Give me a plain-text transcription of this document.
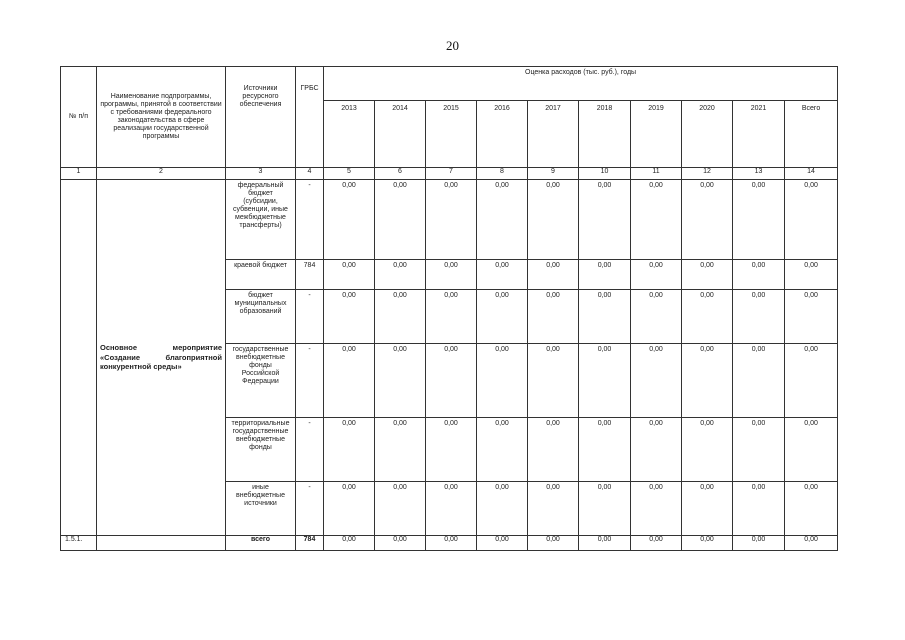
20
№ п/п	Наименование подпрограммы, программы, принятой в соответствии с требованиями федерального законодательства в сфере реализации государственной программы	Источники ресурсного обеспечения	ГРБС	Оценка расходов (тыс. руб.), годы									
				2013	2014	2015	2016	2017	2018	2019	2020	2021	Всего
1	2	3	4	5	6	7	8	9	10	11	12	13	14
	Основное мероприятие «Создание благоприятной конкурентной среды»	федеральный бюджет (субсидии, субвенции, иные межбюджетные трансферты)	-	0,00	0,00	0,00	0,00	0,00	0,00	0,00	0,00	0,00	0,00
		краевой бюджет	784	0,00	0,00	0,00	0,00	0,00	0,00	0,00	0,00	0,00	0,00
		бюджет муниципальных образований	-	0,00	0,00	0,00	0,00	0,00	0,00	0,00	0,00	0,00	0,00
		государственные внебюджетные фонды Российской Федерации	-	0,00	0,00	0,00	0,00	0,00	0,00	0,00	0,00	0,00	0,00
		территориальные государственные внебюджетные фонды	-	0,00	0,00	0,00	0,00	0,00	0,00	0,00	0,00	0,00	0,00
		иные внебюджетные источники	-	0,00	0,00	0,00	0,00	0,00	0,00	0,00	0,00	0,00	0,00
1.5.1.		всего	784	0,00	0,00	0,00	0,00	0,00	0,00	0,00	0,00	0,00	0,00
